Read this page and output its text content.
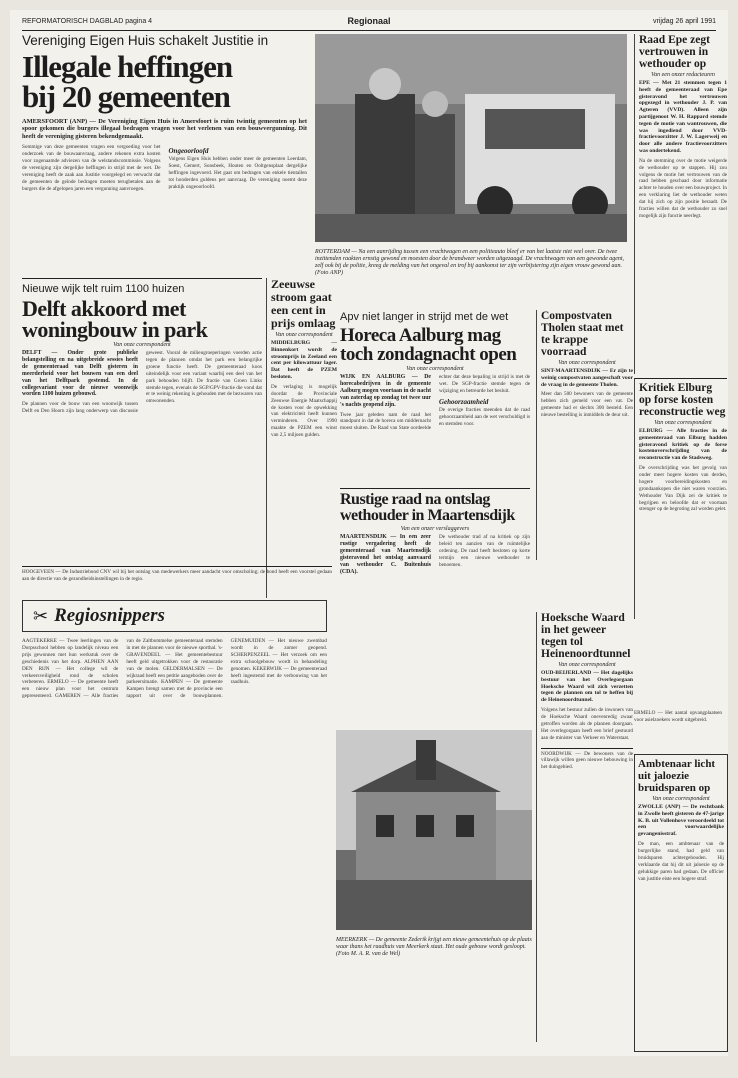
REFORMATORISCH DAGBLAD pagina 4	Regionaal	vrijdag 26 april 1991
Vereniging Eigen Huis schakelt Justitie in
Illegale heffingen
bij 20 gemeenten
AMERSFOORT (ANP) — De Vereniging Eigen Huis in Amersfoort is ruim twintig gemeenten op het spoor gekomen die burgers illegaal bedragen vragen voor het verlenen van een bouwvergunning. Dit heeft de vereniging gisteren bekendgemaakt.
Sommige van deze gemeenten vragen een vergoeding voor het onderzoek van de bouwaanvraag, andere rekenen extra kosten voor zogenaamde adviezen van de welstandscommissie. Volgens de vereniging zijn dergelijke heffingen in strijd met de wet. De vereniging heeft de zaak aan Justitie voorgelegd en verwacht dat de gemeenten de geïnde bedragen moeten terugbetalen aan de burgers die de afgelopen jaren een vergunning aanvroegen.
Ongeoorloofd
Volgens Eigen Huis hebben onder meer de gemeenten Leerdam, Soest, Gemert, Sonsbeek, Houten en Ooltgensplaat dergelijke heffingen ingevoerd. Het gaat om bedragen van enkele tientallen tot honderden guldens per aanvraag. De vereniging noemt deze praktijk ongeoorloofd.
ROTTERDAM — Na een aanrijding tussen een vrachtwagen en een politieauto bleef er van het laatste niet veel over. De twee inzittenden raakten ernstig gewond en moesten door de brandweer worden uitgezaagd. De vrachtwagen van een gewonde agent, zelf ook bij de politie, kreeg de melding van het ongeval en trof bij aankomst ter zijn verbijstering zijn eigen vrouw gewond aan. (Foto ANP)
Raad Epe zegt vertrouwen in wethouder op
Van een onzer redacteuren
EPE — Met 21 stemmen tegen 1 heeft de gemeenteraad van Epe gisteravond het vertrouwen opgezegd in wethouder J. P. van Agteren (VVD). Alleen zijn partijgenoot W. H. Rappard stemde tegen de motie van wantrouwen, die was ingediend door VVD-fractievoorzitter J. W. Lagerweij en door alle andere fractievoorzitters was ondertekend.
Na de stemming over de motie weigerde de wethouder op te stappen. Hij zou volgens de motie het vertrouwen van de raad hebben geschaad door informatie achter te houden over een bouwproject. In een verklaring liet de wethouder weten dat hij zich op zijn positie beraadt. De fracties willen dat de wethouder zo snel mogelijk zijn functie neerlegt.
Kritiek Elburg op forse kosten reconstructie weg
Van onze correspondent
ELBURG — Alle fracties in de gemeenteraad van Elburg hadden gisteravond kritiek op de forse kostenoverschrijding van de reconstructie van de Stadsweg.
De overschrijding was het gevolg van onder meer hogere kosten van derden, hogere voorbereidingskosten en grondaankopen die niet waren voorzien. Wethouder Van Dijk zei de kritiek te begrijpen en beloofde dat er voortaan strenger op de begroting zal worden gelet.
Nieuwe wijk telt ruim 1100 huizen
Delft akkoord met woningbouw in park
Van onze correspondent
DELFT — Onder grote publieke belangstelling en na uitgebreide sessies heeft de gemeenteraad van Delft gisteren in meerderheid voor het bouwen van een deel van het Delftpark gestemd. In de collegevariant voor de nieuwe woonwijk worden 1100 huizen gebouwd.
De plannen voor de bouw van een woonwijk tussen Delft en Den Hoorn zijn lang onderwerp van discussie geweest. Vooral de milieugroeperingen voerden actie tegen de plannen omdat het park een belangrijke groene functie heeft. De gemeenteraad koos uiteindelijk voor een variant waarbij een deel van het park behouden blijft. De fractie van Groen Links stemde tegen, evenals de SGP/GPV-fractie die vond dat er te weinig rekening is gehouden met de bezwaren van omwonenden.
Zeeuwse stroom gaat een cent in prijs omlaag
Van onze correspondent
MIDDELBURG — Binnenkort wordt de stroomprijs in Zeeland een cent per kilowattuur lager. Dat heeft de PZEM besloten.
De verlaging is mogelijk doordat de Provinciale Zeeuwse Energie Maatschappij de kosten voor de opwekking van elektriciteit heeft kunnen verminderen. Over 1990 maakte de PZEM een winst van 2,5 miljoen gulden.
Apv niet langer in strijd met de wet
Horeca Aalburg mag toch zondagnacht open
Van onze correspondent
WIJK EN AALBURG — De horecabedrijven in de gemeente Aalburg mogen voortaan in de nacht van zaterdag op zondag tot twee uur 's nachts geopend zijn.
Twee jaar geleden nam de raad het standpunt in dat de horeca om middernacht moest sluiten. De Raad van State oordeelde echter dat deze bepaling in strijd is met de wet. De SGP-fractie stemde tegen de wijziging en betreurde het besluit.
Gehoorzaamheid
De overige fracties meenden dat de raad gehoorzaamheid aan de wet verschuldigd is en stemden voor.
Compostvaten Tholen staat met te krappe voorraad
Van onze correspondent
SINT-MAARTENSDIJK — Er zijn te weinig compostvaten aangeschaft voor de vraag in de gemeente Tholen.
Meer dan 500 bewoners van de gemeente hebben zich gemeld voor een vat. De gemeente had er slechts 300 besteld. Een nieuwe bestelling is inmiddels de deur uit.
Rustige raad na ontslag wethouder in Maartensdijk
Van een onzer verslaggevers
MAARTENSDIJK — In een zeer rustige vergadering heeft de gemeenteraad van Maartensdijk gisteravond het ontslag aanvaard van wethouder C. Buitenhuis (CDA).
De wethouder trad af na kritiek op zijn beleid ten aanzien van de ruimtelijke ordening. De raad heeft besloten op korte termijn een nieuwe wethouder te benoemen.
HOOGEVEEN — De Industriebond CNV wil bij het ontslag van medewerkers meer aandacht voor omscholing; de bond heeft een voorstel gedaan aan de directie van de gezondheidsinstellingen in de regio.
✂ Regiosnippers
AAGTEKERKE — Twee leerlingen van de Dorpsschool hebben op landelijk niveau een prijs gewonnen met hun werkstuk over de geschiedenis van het dorp. ALPHEN AAN DEN RIJN — Het college wil de verkeersveiligheid rond de scholen verbeteren. ERMELO — De gemeente heeft een nieuw plan voor het centrum gepresenteerd. GAMEREN — Alle fracties van de Zaltbommelse gemeenteraad stemden in met de plannen voor de nieuwe sporthal. 's-GRAVENDEEL — Het gemeentebestuur heeft geld uitgetrokken voor de restauratie van de molen. GELDERMALSEN — De wijkraad heeft een petitie aangeboden over de parkeersituatie. KAMPEN — De gemeente Kampen brengt samen met de provincie een rapport uit over de bouwplannen. GENEMUIDEN — Het nieuwe zwembad wordt in de zomer geopend. SCHERPENZEEL — Het verzoek om een extra schoolgebouw wordt in behandeling genomen. KEKERWIJK — De gemeenteraad heeft ingestemd met de verbouwing van het raadhuis.
MEERKERK — De gemeente Zederik krijgt een nieuw gemeentehuis op de plaats waar thans het raadhuis van Meerkerk staat. Het oude gebouw wordt gesloopt. (Foto M. A. R. van de Wel)
Hoeksche Waard in het geweer tegen tol Heinenoordtunnel
Van onze correspondent
OUD-BEIJERLAND — Het dagelijks bestuur van het Overlegorgaan Hoeksche Waard wil zich verzetten tegen de plannen om tol te heffen bij de Heinenoordtunnel.
Volgens het bestuur zullen de inwoners van de Hoeksche Waard onevenredig zwaar getroffen worden als de plannen doorgaan. Het overlegorgaan heeft een brief gestuurd aan de minister van Verkeer en Waterstaat.
NOORDWIJK — De bewoners van de villawijk willen geen nieuwe bebouwing in het duingebied.
ERMELO — Het aantal opvangplaatsen voor asielzoekers wordt uitgebreid.
Ambtenaar licht uit jaloezie bruidsparen op
Van onze correspondent
ZWOLLE (ANP) — De rechtbank in Zwolle heeft gisteren de 47-jarige K. B. uit Vollenhove veroordeeld tot een voorwaardelijke gevangenisstraf.
De man, een ambtenaar van de burgerlijke stand, had geld van bruidsparen achtergehouden. Hij verklaarde dat hij dit uit jaloezie op de gelukkige paren had gedaan. De officier van justitie eiste een hogere straf.
